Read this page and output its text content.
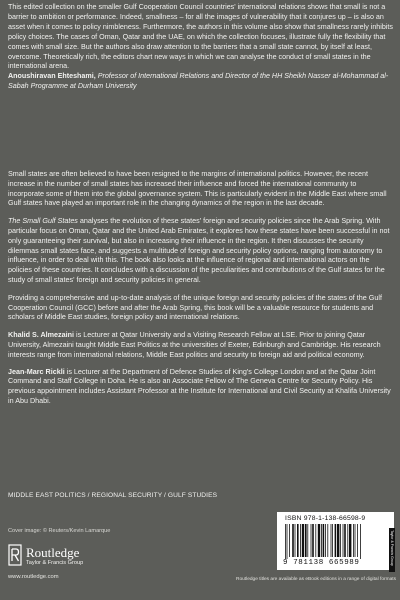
This edited collection on the smaller Gulf Cooperation Council countries' international relations shows that small is not a barrier to ambition or performance. Indeed, smallness – for all the images of vulnerability that it conjures up – is also an asset when it comes to policy nimbleness. Furthermore, the authors in this volume also show that smallness rarely inhibits policy choices. The cases of Oman, Qatar and the UAE, on which the collection focuses, illustrate fully the flexibility that comes with small size. But the authors also draw attention to the barriers that a small state cannot, by itself at least, overcome. Theoretically rich, the editors chart new ways in which we can analyse the conduct of small states in the international arena.
Anoushiravan Ehteshami, Professor of International Relations and Director of the HH Sheikh Nasser al-Mohammad al-Sabah Programme at Durham University

Small states are often believed to have been resigned to the margins of international politics. However, the recent increase in the number of small states has increased their influence and forced the international community to incorporate some of them into the global governance system. This is particularly evident in the Middle East where small Gulf states have played an important role in the changing dynamics of the region in the last decade.

The Small Gulf States analyses the evolution of these states' foreign and security policies since the Arab Spring. With particular focus on Oman, Qatar and the United Arab Emirates, it explores how these states have been successful in not only guaranteeing their survival, but also in increasing their influence in the region. It then discusses the security dilemmas small states face, and suggests a multitude of foreign and security policy options, ranging from autonomy to influence, in order to deal with this. The book also looks at the influence of regional and international actors on the policies of these countries. It concludes with a discussion of the peculiarities and contributions of the Gulf states for the study of small states' foreign and security policies in general.

Providing a comprehensive and up-to-date analysis of the unique foreign and security policies of the states of the Gulf Cooperation Council (GCC) before and after the Arab Spring, this book will be a valuable resource for students and scholars of Middle East studies, foreign policy and international relations.

Khalid S. Almezaini is Lecturer at Qatar University and a Visiting Research Fellow at LSE. Prior to joining Qatar University, Almezaini taught Middle East Politics at the universities of Exeter, Edinburgh and Cambridge. His research interests range from international relations, Middle East politics and security to foreign aid and political economy.

Jean-Marc Rickli is Lecturer at the Department of Defence Studies of King's College London and at the Qatar Joint Command and Staff College in Doha. He is also an Associate Fellow of The Geneva Centre for Security Policy. His previous appointment includes Assistant Professor at the Institute for International and Civil Security at Khalifa University in Abu Dhabi.

MIDDLE EAST POLITICS / REGIONAL SECURITY / GULF STUDIES
Cover image: © Reuters/Kevin Lamarque
Routledge
Taylor & Francis Group
www.routledge.com
ISBN 978-1-138-66598-9
9 781138 665989	Taylor & Francis Group
Routledge titles are available as eBook editions in a range of digital formats
